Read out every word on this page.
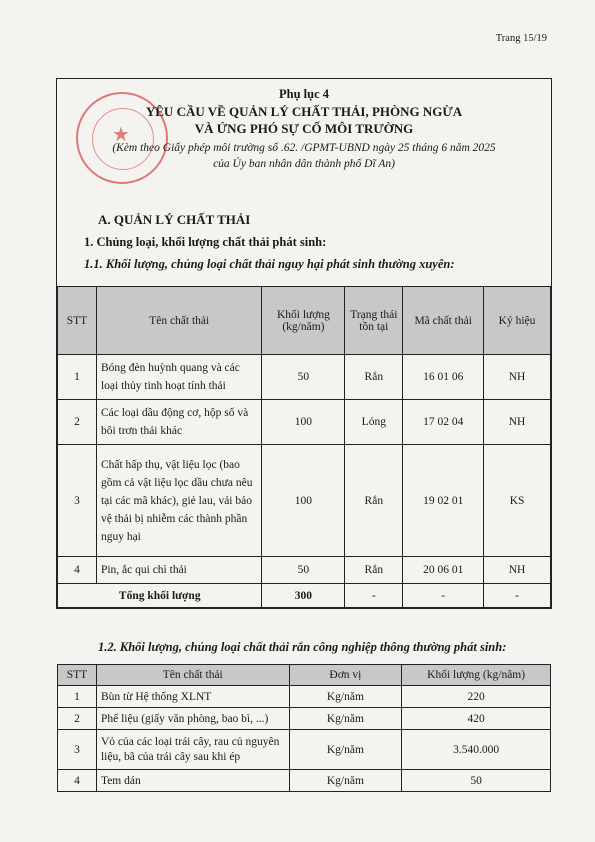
Trang 15/19
★
Phụ lục 4
YÊU CẦU VỀ QUẢN LÝ CHẤT THẢI, PHÒNG NGỪA
VÀ ỨNG PHÓ SỰ CỐ MÔI TRƯỜNG
(Kèm theo Giấy phép môi trường số .62. /GPMT-UBND ngày 25 tháng 6 năm 2025
của Ủy ban nhân dân thành phố Dĩ An)
A. QUẢN LÝ CHẤT THẢI
1. Chủng loại, khối lượng chất thải phát sinh:
1.1. Khối lượng, chủng loại chất thải nguy hại phát sinh thường xuyên:
STT	Tên chất thải	Khối lượng (kg/năm)	Trạng thái tồn tại	Mã chất thải	Ký hiệu
1	Bóng đèn huỳnh quang và các loại thủy tinh hoạt tính thải	50	Rắn	16 01 06	NH
2	Các loại dầu động cơ, hộp số và bôi trơn thải khác	100	Lỏng	17 02 04	NH
3	Chất hấp thụ, vật liệu lọc (bao gồm cả vật liệu lọc dầu chưa nêu tại các mã khác), giẻ lau, vải bảo vệ thải bị nhiễm các thành phần nguy hại	100	Rắn	19 02 01	KS
4	Pin, ắc qui chì thải	50	Rắn	20 06 01	NH
Tổng khối lượng		300	-	-	-
1.2. Khối lượng, chủng loại chất thải rắn công nghiệp thông thường phát sinh:
STT	Tên chất thải	Đơn vị	Khối lượng (kg/năm)
1	Bùn từ Hệ thống XLNT	Kg/năm	220
2	Phế liệu (giấy văn phòng, bao bì, ...)	Kg/năm	420
3	Vỏ của các loại trái cây, rau củ nguyên liệu, bã của trái cây sau khi ép	Kg/năm	3.540.000
4	Tem dán	Kg/năm	50
